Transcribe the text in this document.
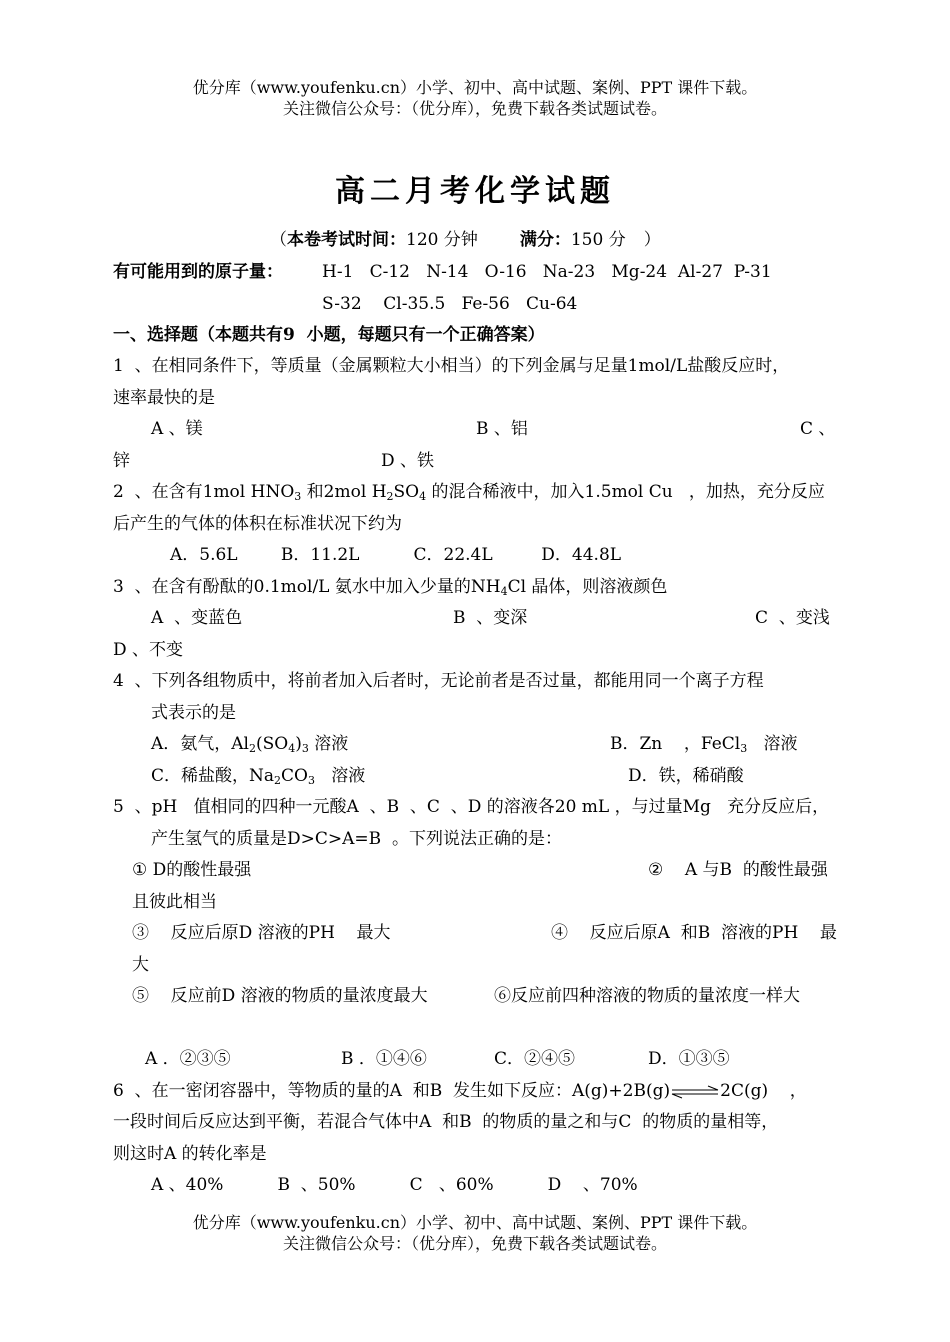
优分库（www.youfenku.cn）小学、初中、高中试题、案例、PPT 课件下载。
关注微信公众号：（优分库），免费下载各类试题试卷。
高二月考化学试题
（本卷考试时间：120 分钟 满分：150 分 ）
有可能用到的原子量： H-1   C-12   N-14   O-16   Na-23   Mg-24  Al-27  P-31
S-32    Cl-35.5   Fe-56   Cu-64
一、选择题（本题共有9  小题，每题只有一个正确答案）
1  、在相同条件下，等质量（金属颗粒大小相当）的下列金属与足量1mol/L盐酸反应时，
速率最快的是
A 、镁	B 、铝	C 、
锌	D 、铁
2  、在含有1mol $HNO_3$ 和2mol $H_2SO_4$ 的混合稀液中，加入1.5mol Cu   ，加热，充分反应
后产生的气体的体积在标准状况下约为
A．5.6L        B．11.2L          C．22.4L         D．44.8L
3  、在含有酚酞的0.1mol/L 氨水中加入少量的$NH_4Cl$ 晶体，则溶液颜色
A  、变蓝色	B  、变深	C  、变浅
D 、不变
4  、下列各组物质中，将前者加入后者时，无论前者是否过量，都能用同一个离子方程
式表示的是
A．氨气，$Al_2(SO_4)_3$ 溶液	B．Zn    ，FeCl$_3$   溶液
C．稀盐酸，$Na_2CO_3$   溶液	D．铁，稀硝酸
5  、pH   值相同的四种一元酸A  、B  、C  、D 的溶液各20 mL ，与过量Mg   充分反应后，
产生氢气的质量是D>C>A=B  。下列说法正确的是：
① D的酸性最强	②    A 与B  的酸性最强
且彼此相当
③    反应后原D 溶液的PH    最大	④    反应后原A  和B  溶液的PH    最
大
⑤    反应前D 溶液的物质的量浓度最大	⑥反应前四种溶液的物质的量浓度一样大
A ．②③⑤	B ．①④⑥	C．②④⑤	D．①③⑤
6  、在一密闭容器中，等物质的量的A  和B  发生如下反应：A(g)+2B(g)⇌2C(g)    ，
一段时间后反应达到平衡，若混合气体中A  和B  的物质的量之和与C  的物质的量相等，
则这时A 的转化率是
A 、40%          B  、50%          C   、60%          D    、70%
优分库（www.youfenku.cn）小学、初中、高中试题、案例、PPT 课件下载。
关注微信公众号：（优分库），免费下载各类试题试卷。
